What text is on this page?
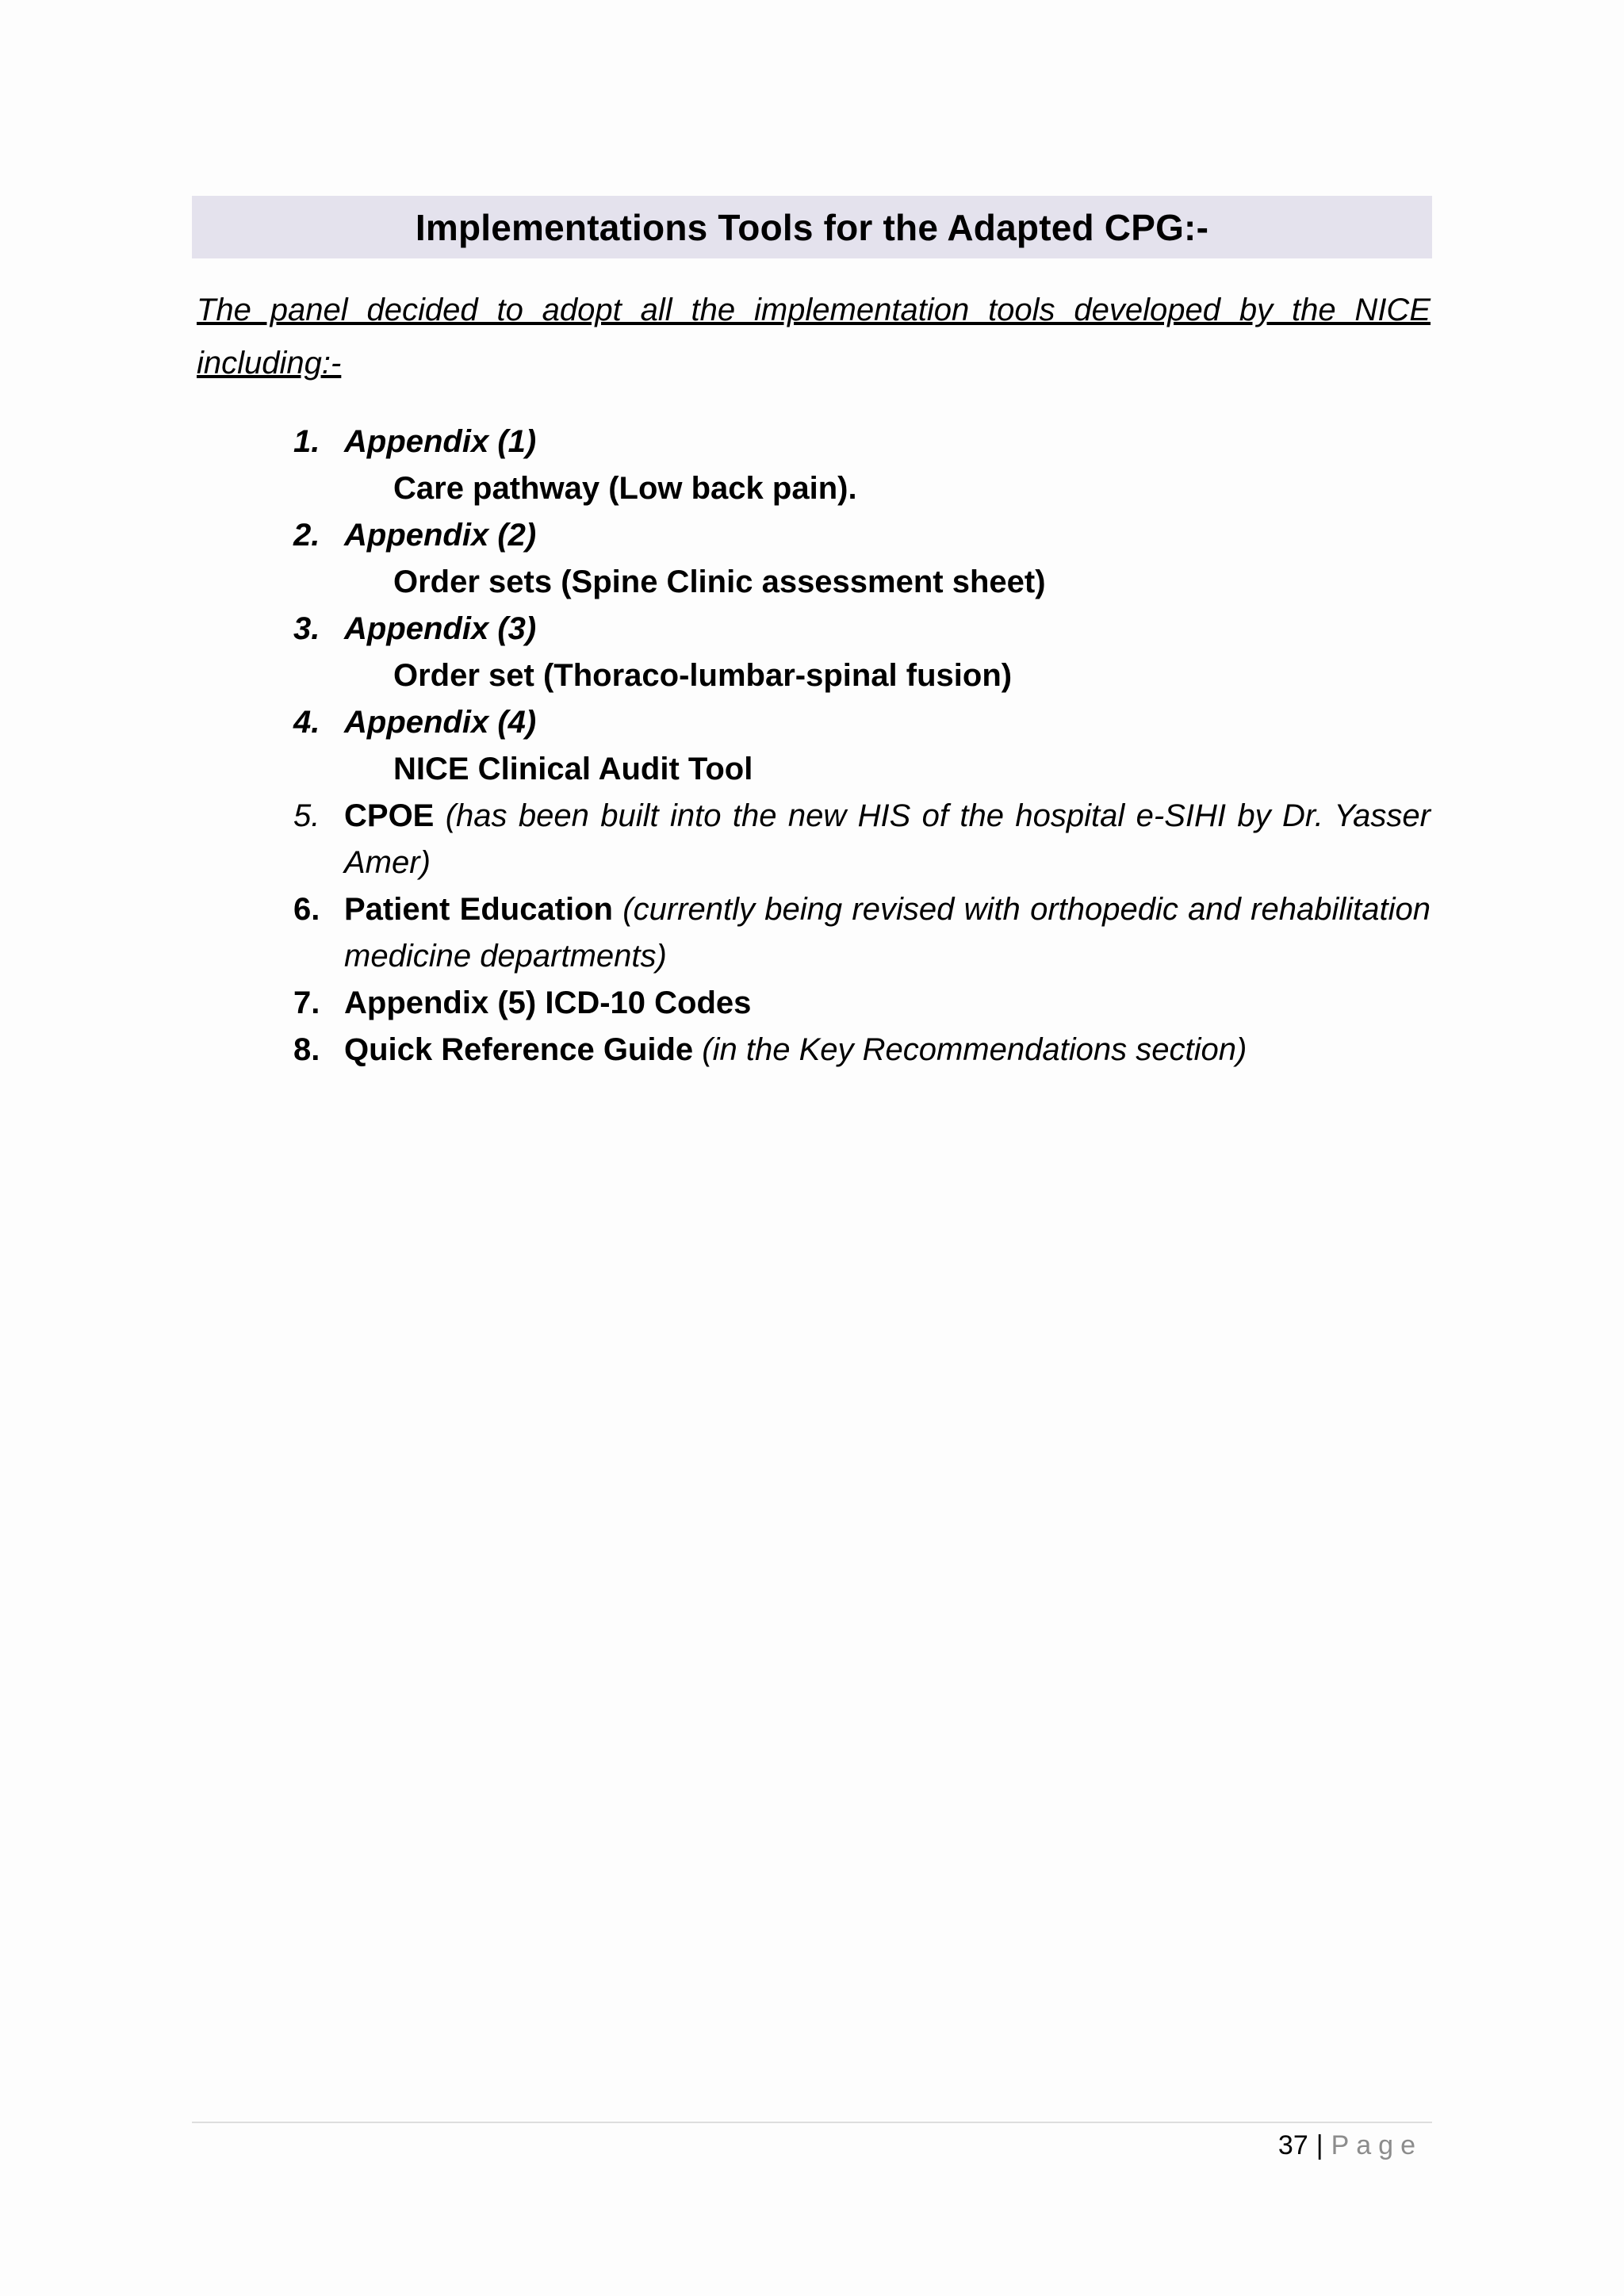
Implementations Tools for the Adapted CPG:-

The panel decided to adopt all the implementation tools developed by the NICE including:-

1. Appendix (1)
Care pathway (Low back pain).
2. Appendix (2)
Order sets (Spine Clinic assessment sheet)
3. Appendix (3)
Order set (Thoraco-lumbar-spinal fusion)
4. Appendix (4)
NICE Clinical Audit Tool
5. CPOE (has been built into the new HIS of the hospital e-SIHI by Dr. Yasser Amer)
6. Patient Education (currently being revised with orthopedic and rehabilitation medicine departments)
7. Appendix (5) ICD-10 Codes
8. Quick Reference Guide (in the Key Recommendations section)
37 | Page
